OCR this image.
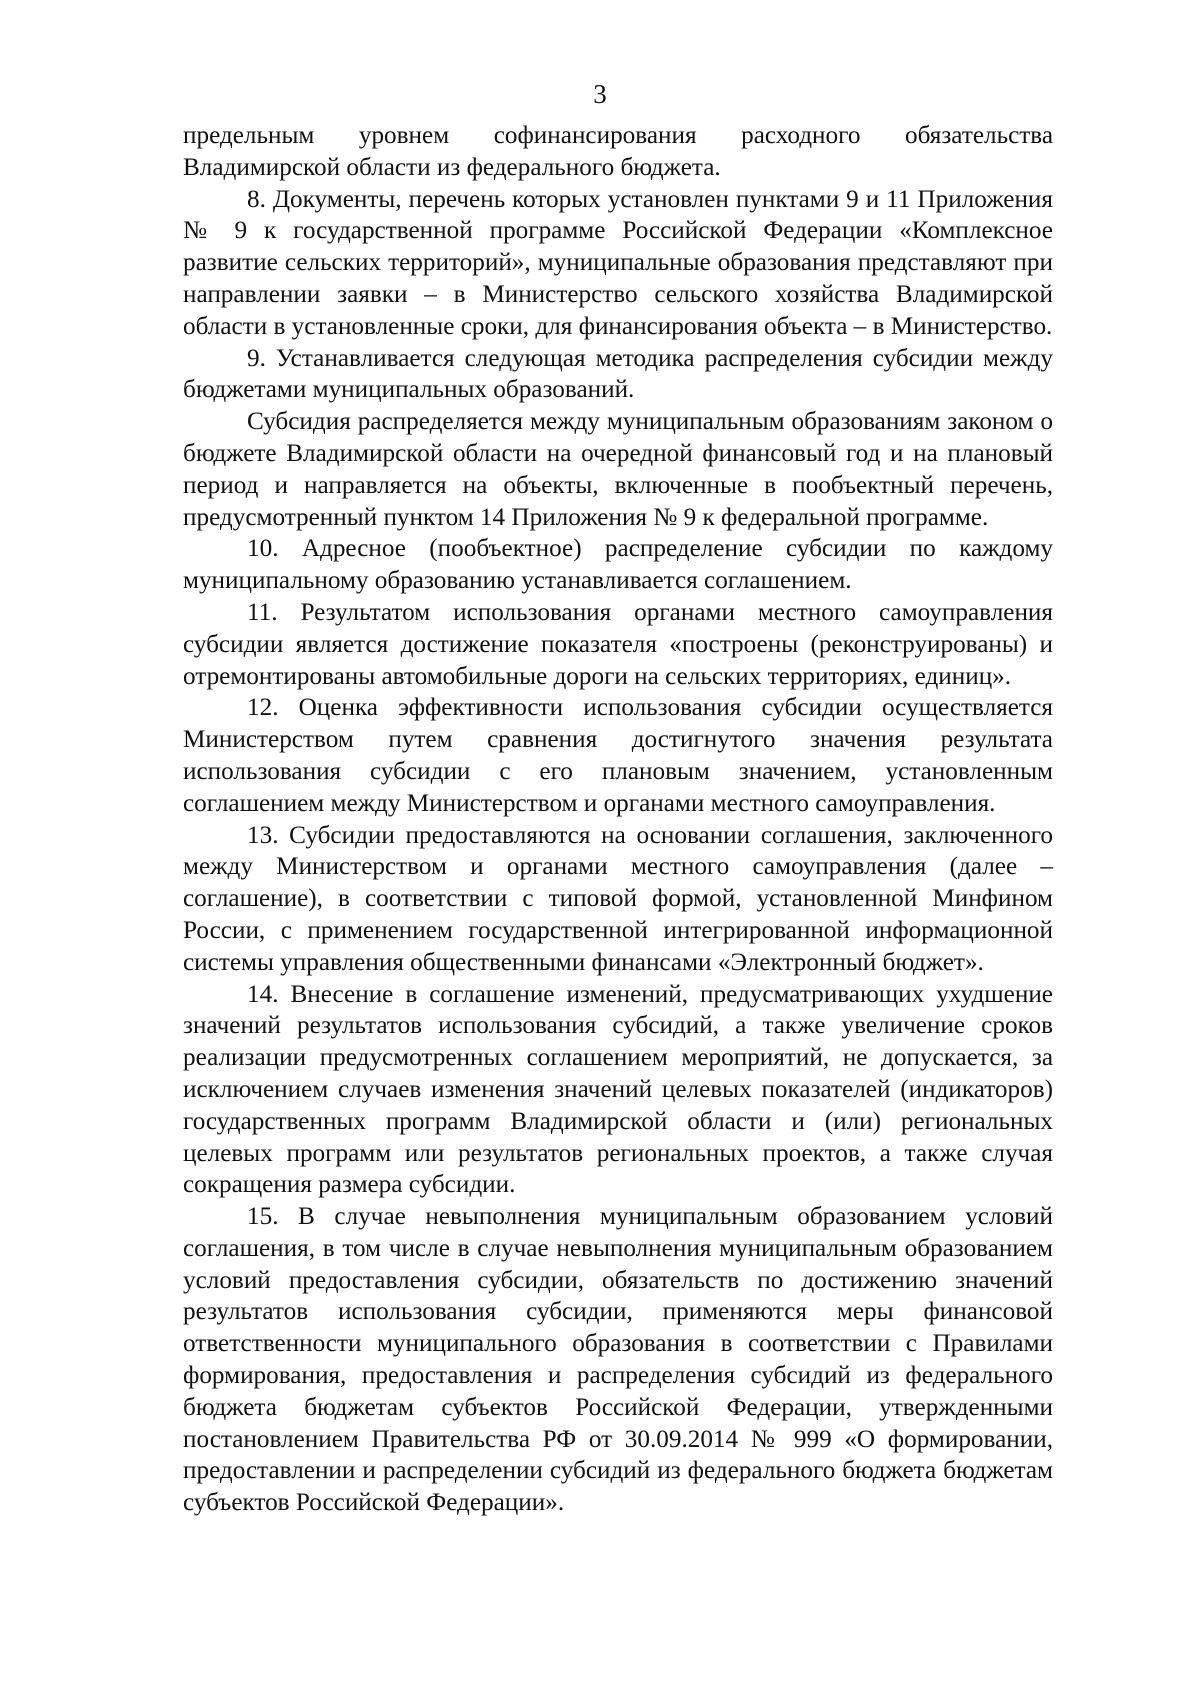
3

предельным уровнем софинансирования расходного обязательства Владимирской области из федерального бюджета.

8. Документы, перечень которых установлен пунктами 9 и 11 Приложения № 9 к государственной программе Российской Федерации «Комплексное развитие сельских территорий», муниципальные образования представляют при направлении заявки – в Министерство сельского хозяйства Владимирской области в установленные сроки, для финансирования объекта – в Министерство.

9. Устанавливается следующая методика распределения субсидии между бюджетами муниципальных образований.

Субсидия распределяется между муниципальным образованиям законом о бюджете Владимирской области на очередной финансовый год и на плановый период и направляется на объекты, включенные в пообъектный перечень, предусмотренный пунктом 14 Приложения № 9 к федеральной программе.

10. Адресное (пообъектное) распределение субсидии по каждому муниципальному образованию устанавливается соглашением.

11. Результатом использования органами местного самоуправления субсидии является достижение показателя «построены (реконструированы) и отремонтированы автомобильные дороги на сельских территориях, единиц».

12. Оценка эффективности использования субсидии осуществляется Министерством путем сравнения достигнутого значения результата использования субсидии с его плановым значением, установленным соглашением между Министерством и органами местного самоуправления.

13. Субсидии предоставляются на основании соглашения, заключенного между Министерством и органами местного самоуправления (далее – соглашение), в соответствии с типовой формой, установленной Минфином России, с применением государственной интегрированной информационной системы управления общественными финансами «Электронный бюджет».

14. Внесение в соглашение изменений, предусматривающих ухудшение значений результатов использования субсидий, а также увеличение сроков реализации предусмотренных соглашением мероприятий, не допускается, за исключением случаев изменения значений целевых показателей (индикаторов) государственных программ Владимирской области и (или) региональных целевых программ или результатов региональных проектов, а также случая сокращения размера субсидии.

15. В случае невыполнения муниципальным образованием условий соглашения, в том числе в случае невыполнения муниципальным образованием условий предоставления субсидии, обязательств по достижению значений результатов использования субсидии, применяются меры финансовой ответственности муниципального образования в соответствии с Правилами формирования, предоставления и распределения субсидий из федерального бюджета бюджетам субъектов Российской Федерации, утвержденными постановлением Правительства РФ от 30.09.2014 № 999 «О формировании, предоставлении и распределении субсидий из федерального бюджета бюджетам субъектов Российской Федерации».
